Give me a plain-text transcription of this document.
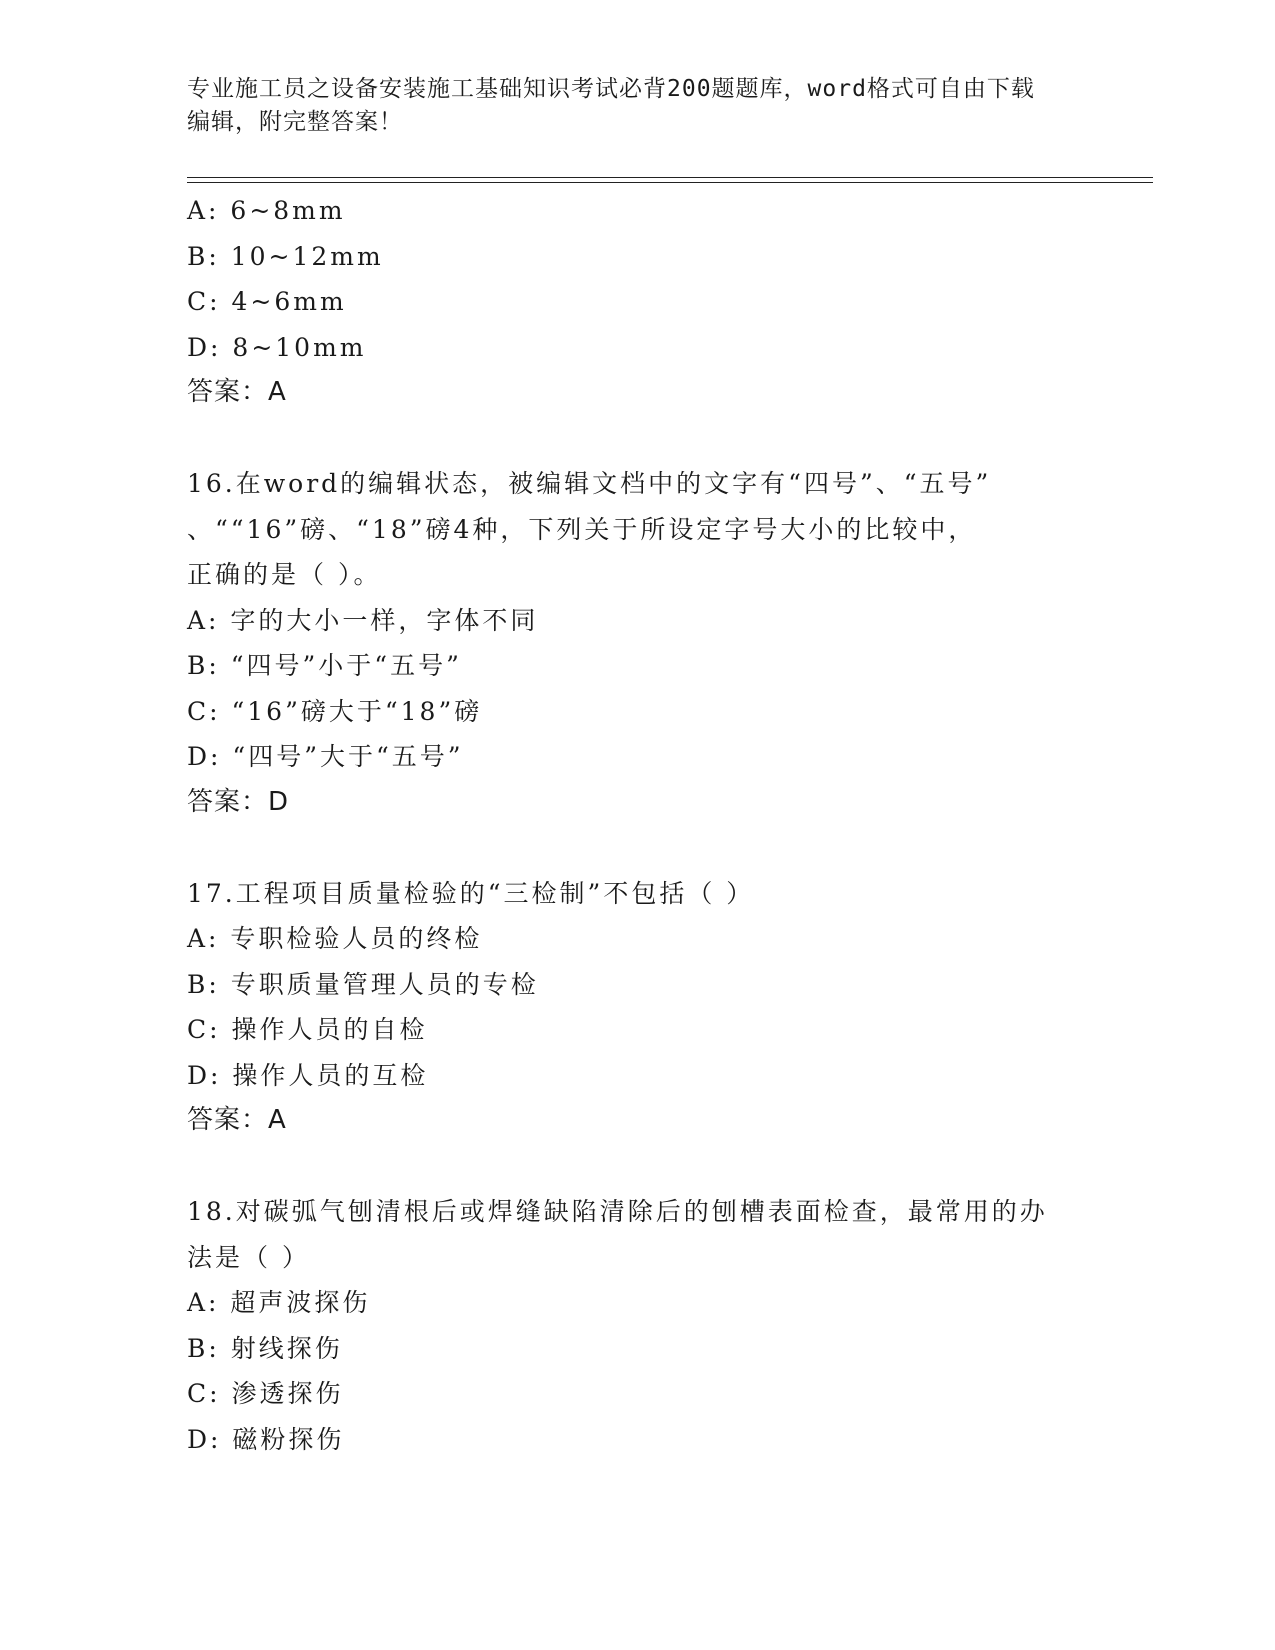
专业施工员之设备安装施工基础知识考试必背200题题库，word格式可自由下载
编辑，附完整答案！
A: 6~8mm
B: 10~12mm
C: 4~6mm
D: 8~10mm
答案：A
16.在word的编辑状态，被编辑文档中的文字有“四号”、“五号”
、““16”磅、“18”磅4种，下列关于所设定字号大小的比较中，
正确的是（ ）。
A: 字的大小一样，字体不同
B: “四号”小于“五号”
C: “16”磅大于“18”磅
D: “四号”大于“五号”
答案：D
17.工程项目质量检验的“三检制”不包括（ ）
A: 专职检验人员的终检
B: 专职质量管理人员的专检
C: 操作人员的自检
D: 操作人员的互检
答案：A
18.对碳弧气刨清根后或焊缝缺陷清除后的刨槽表面检查，最常用的办
法是（ ）
A: 超声波探伤
B: 射线探伤
C: 渗透探伤
D: 磁粉探伤
